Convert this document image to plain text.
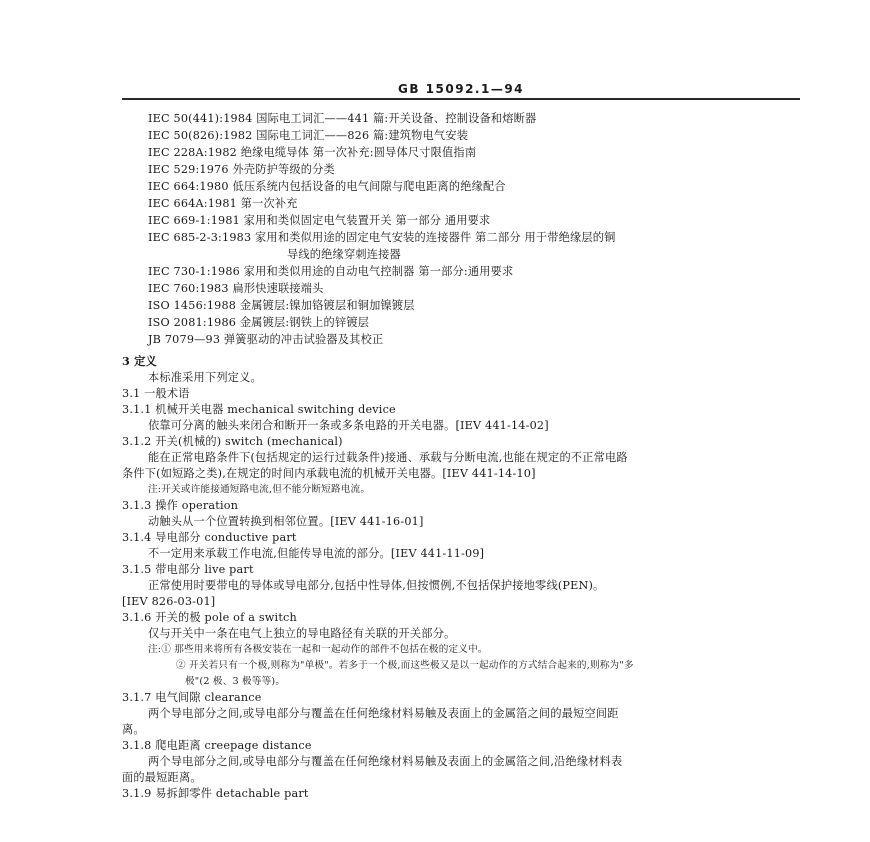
GB 15092.1—94
IEC 50(441):1984 国际电工词汇——441 篇:开关设备、控制设备和熔断器
IEC 50(826):1982 国际电工词汇——826 篇:建筑物电气安装
IEC 228A:1982 绝缘电缆导体 第一次补充:圆导体尺寸限值指南
IEC 529:1976 外壳防护等级的分类
IEC 664:1980 低压系统内包括设备的电气间隙与爬电距离的绝缘配合
IEC 664A:1981 第一次补充
IEC 669-1:1981 家用和类似固定电气装置开关 第一部分 通用要求
IEC 685-2-3:1983 家用和类似用途的固定电气安装的连接器件 第二部分 用于带绝缘层的铜
导线的绝缘穿刺连接器
IEC 730-1:1986 家用和类似用途的自动电气控制器 第一部分:通用要求
IEC 760:1983 扁形快速联接端头
ISO 1456:1988 金属镀层:镍加铬镀层和铜加镍镀层
ISO 2081:1986 金属镀层:钢铁上的锌镀层
JB 7079—93 弹簧驱动的冲击试验器及其校正
3 定义
本标准采用下列定义。
3.1 一般术语
3.1.1 机械开关电器 mechanical switching device
依靠可分离的触头来闭合和断开一条或多条电路的开关电器。[IEV 441-14-02]
3.1.2 开关(机械的) switch (mechanical)
能在正常电路条件下(包括规定的运行过载条件)接通、承载与分断电流,也能在规定的不正常电路
条件下(如短路之类),在规定的时间内承载电流的机械开关电器。[IEV 441-14-10]
注:开关或许能接通短路电流,但不能分断短路电流。
3.1.3 操作 operation
动触头从一个位置转换到相邻位置。[IEV 441-16-01]
3.1.4 导电部分 conductive part
不一定用来承载工作电流,但能传导电流的部分。[IEV 441-11-09]
3.1.5 带电部分 live part
正常使用时要带电的导体或导电部分,包括中性导体,但按惯例,不包括保护接地零线(PEN)。
[IEV 826-03-01]
3.1.6 开关的极 pole of a switch
仅与开关中一条在电气上独立的导电路径有关联的开关部分。
注:① 那些用来将所有各极安装在一起和一起动作的部件不包括在极的定义中。
② 开关若只有一个极,则称为"单极"。若多于一个极,而这些极又是以一起动作的方式结合起来的,则称为"多
极"(2 极、3 极等等)。
3.1.7 电气间隙 clearance
两个导电部分之间,或导电部分与覆盖在任何绝缘材料易触及表面上的金属箔之间的最短空间距
离。
3.1.8 爬电距离 creepage distance
两个导电部分之间,或导电部分与覆盖在任何绝缘材料易触及表面上的金属箔之间,沿绝缘材料表
面的最短距离。
3.1.9 易拆卸零件 detachable part
